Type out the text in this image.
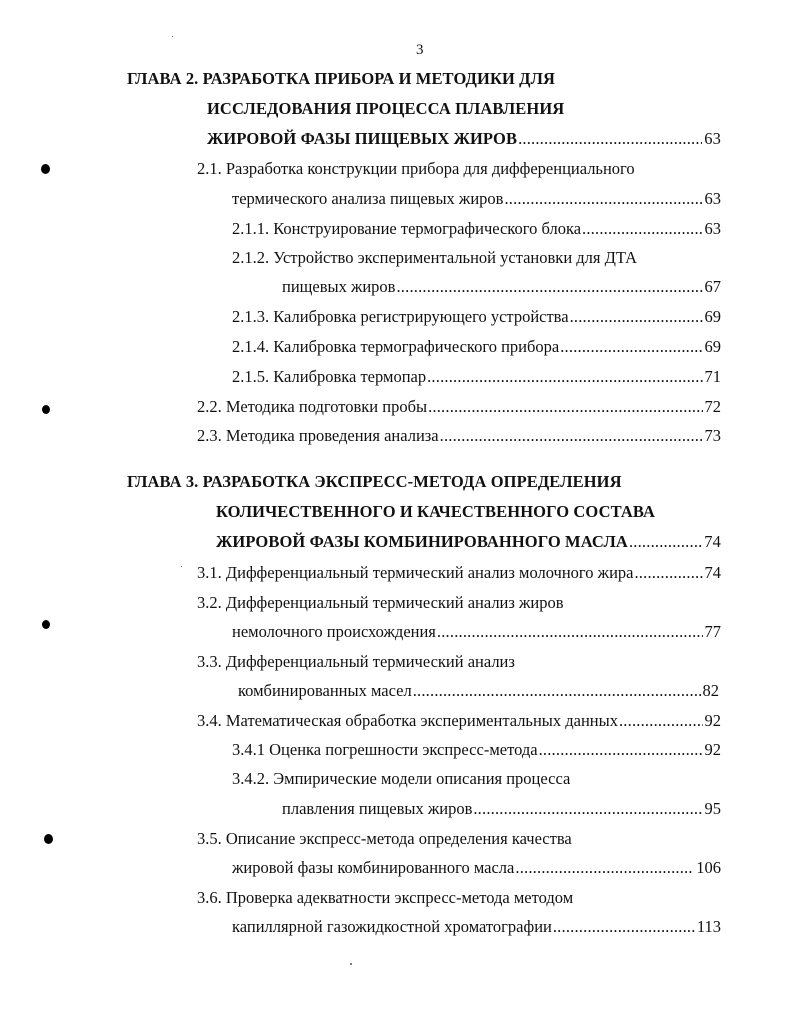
3
ГЛАВА 2. РАЗРАБОТКА ПРИБОРА И МЕТОДИКИ ДЛЯ
ИССЛЕДОВАНИЯ ПРОЦЕССА ПЛАВЛЕНИЯ
ЖИРОВОЙ ФАЗЫ ПИЩЕВЫХ ЖИРОВ .....	63
2.1. Разработка конструкции прибора для дифференциального
термического анализа пищевых жиров .....	63
2.1.1. Конструирование термографического блока .....	63
2.1.2. Устройство экспериментальной установки для ДТА
пищевых жиров .....	67
2.1.3. Калибровка регистрирующего устройства .....	69
2.1.4. Калибровка термографического прибора .....	69
2.1.5. Калибровка термопар .....	71
2.2. Методика подготовки пробы .....	72
2.3. Методика проведения анализа .....	73
ГЛАВА 3. РАЗРАБОТКА ЭКСПРЕСС-МЕТОДА ОПРЕДЕЛЕНИЯ
КОЛИЧЕСТВЕННОГО И КАЧЕСТВЕННОГО СОСТАВА
ЖИРОВОЙ ФАЗЫ КОМБИНИРОВАННОГО МАСЛА .....	74
3.1. Дифференциальный термический анализ молочного жира .....	74
3.2. Дифференциальный термический анализ жиров
немолочного происхождения .....	77
3.3. Дифференциальный термический анализ
комбинированных масел .....	82
3.4. Математическая обработка экспериментальных данных .....	92
3.4.1 Оценка погрешности экспресс-метода .....	92
3.4.2. Эмпирические модели описания процесса
плавления пищевых жиров .....	95
3.5. Описание экспресс-метода определения качества
жировой фазы комбинированного масла .....	106
3.6. Проверка адекватности экспресс-метода методом
капиллярной газожидкостной хроматографии .....	113
